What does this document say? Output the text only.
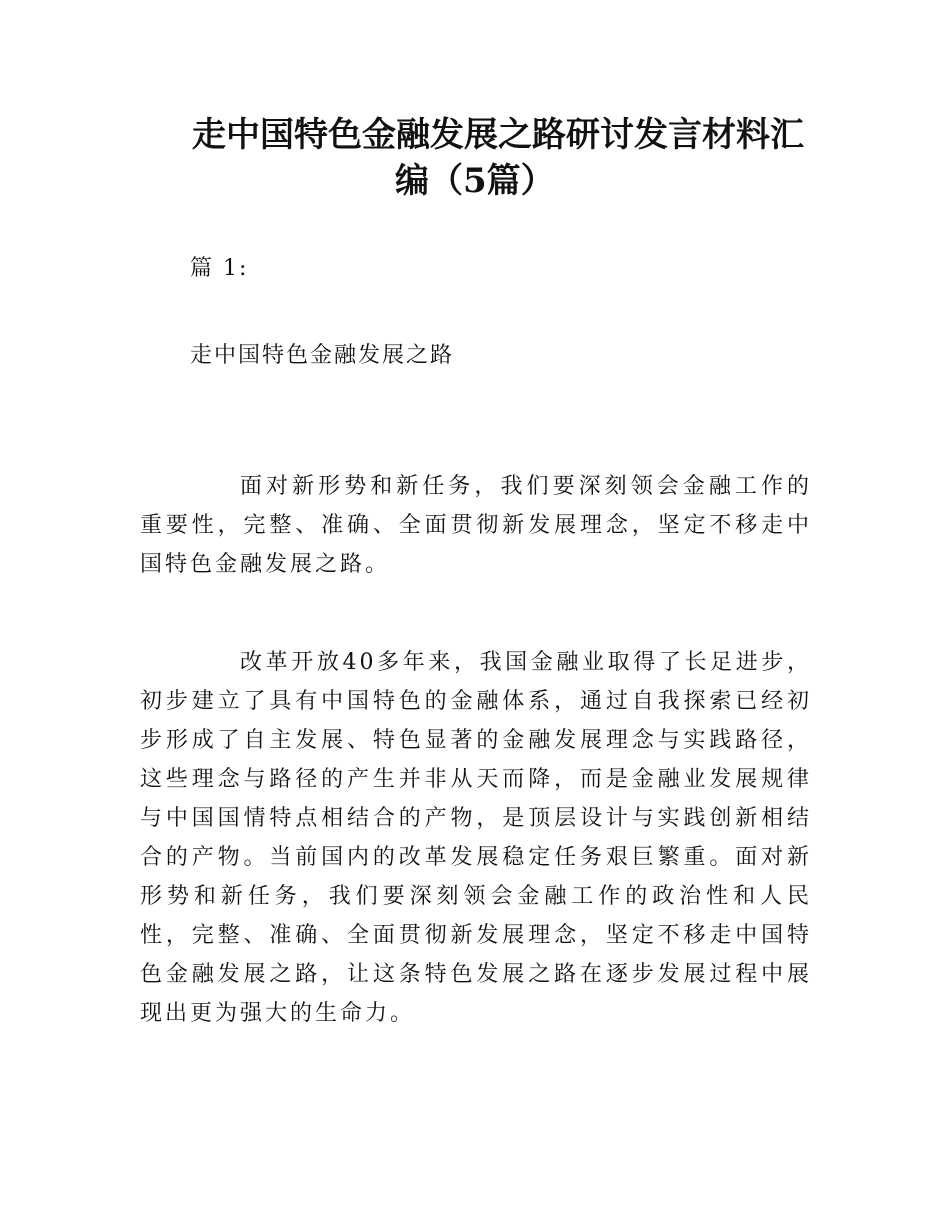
走中国特色金融发展之路研讨发言材料汇
编（5篇）
篇 1:
走中国特色金融发展之路

面对新形势和新任务，我们要深刻领会金融工作的重要性，完整、准确、全面贯彻新发展理念，坚定不移走中国特色金融发展之路。

改革开放40多年来，我国金融业取得了长足进步，初步建立了具有中国特色的金融体系，通过自我探索已经初步形成了自主发展、特色显著的金融发展理念与实践路径，这些理念与路径的产生并非从天而降，而是金融业发展规律与中国国情特点相结合的产物，是顶层设计与实践创新相结合的产物。当前国内的改革发展稳定任务艰巨繁重。面对新形势和新任务，我们要深刻领会金融工作的政治性和人民性，完整、准确、全面贯彻新发展理念，坚定不移走中国特色金融发展之路，让这条特色发展之路在逐步发展过程中展现出更为强大的生命力。
